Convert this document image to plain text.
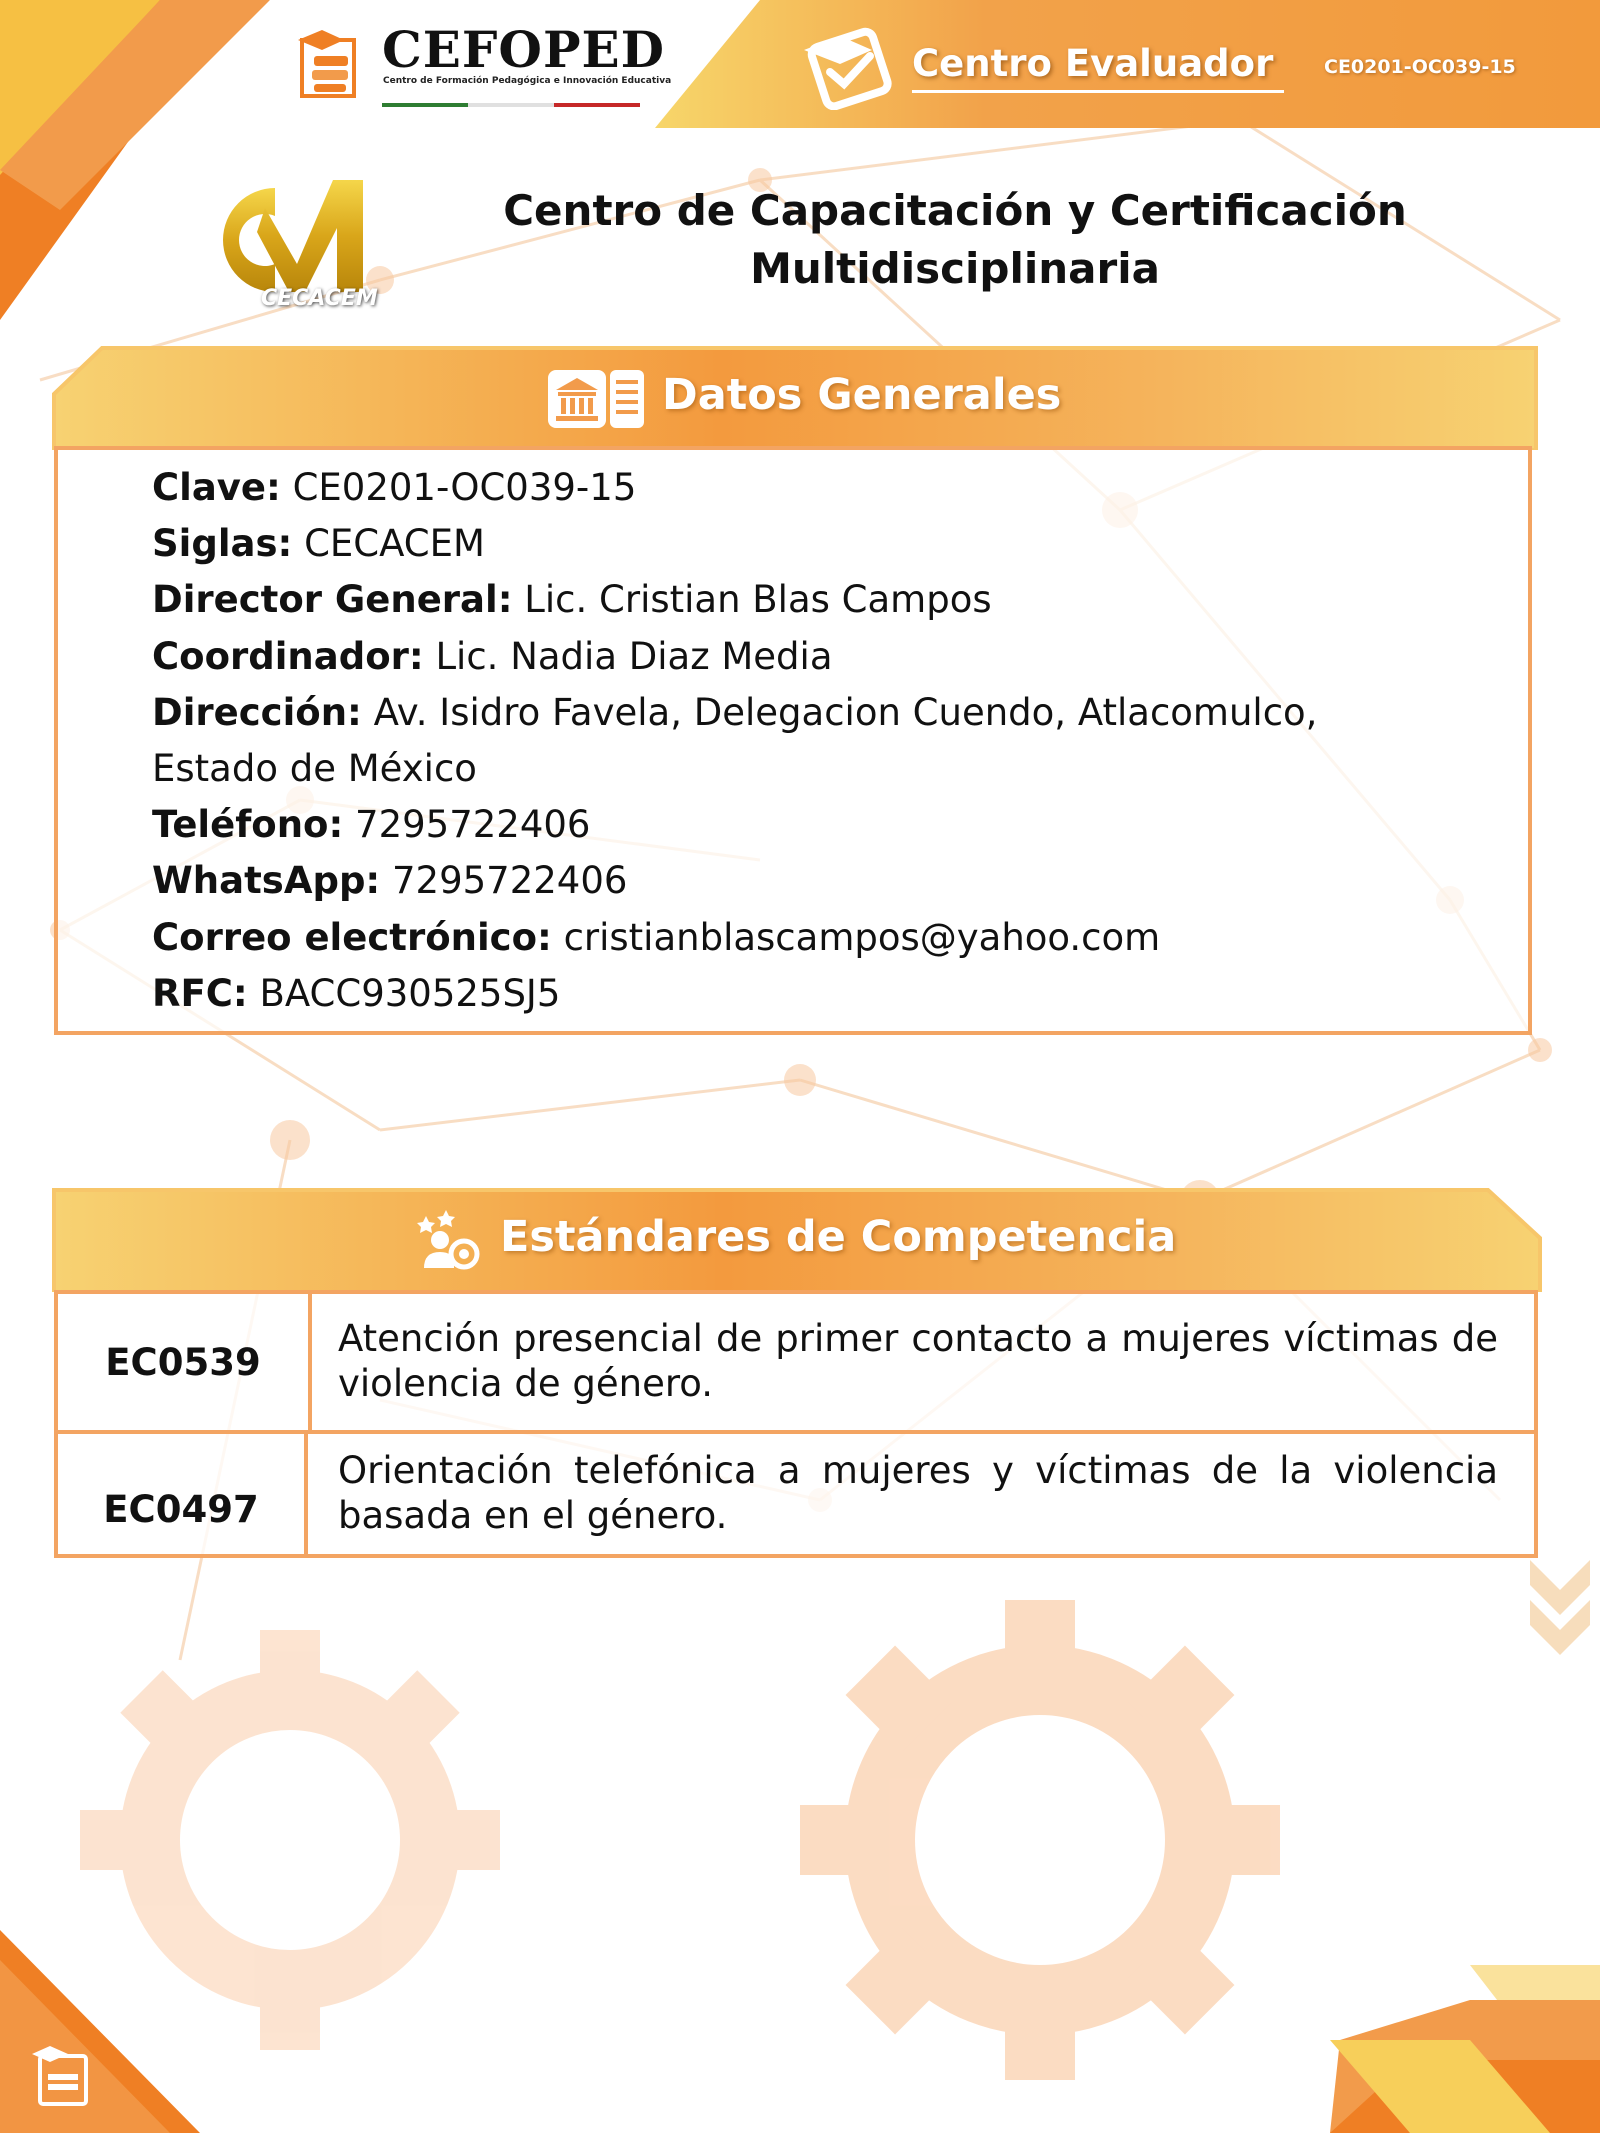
CEFOPED
Centro de Formación Pedagógica e Innovación Educativa	Centro Evaluador	CE0201-OC039-15
CECACEM
Centro de Capacitación y Certificación Multidisciplinaria
Datos Generales
Clave: CE0201-OC039-15
Siglas: CECACEM
Director General: Lic. Cristian Blas Campos
Coordinador: Lic. Nadia Diaz Media
Dirección: Av. Isidro Favela, Delegacion Cuendo, Atlacomulco,
Estado de México
Teléfono: 7295722406
WhatsApp: 7295722406
Correo electrónico: cristianblascampos@yahoo.com
RFC: BACC930525SJ5
Estándares de Competencia
EC0539
Atención presencial de primer contacto a mujeres víctimas de violencia de género.
EC0497
Orientación telefónica a mujeres y víctimas de la violencia basada en el género.
